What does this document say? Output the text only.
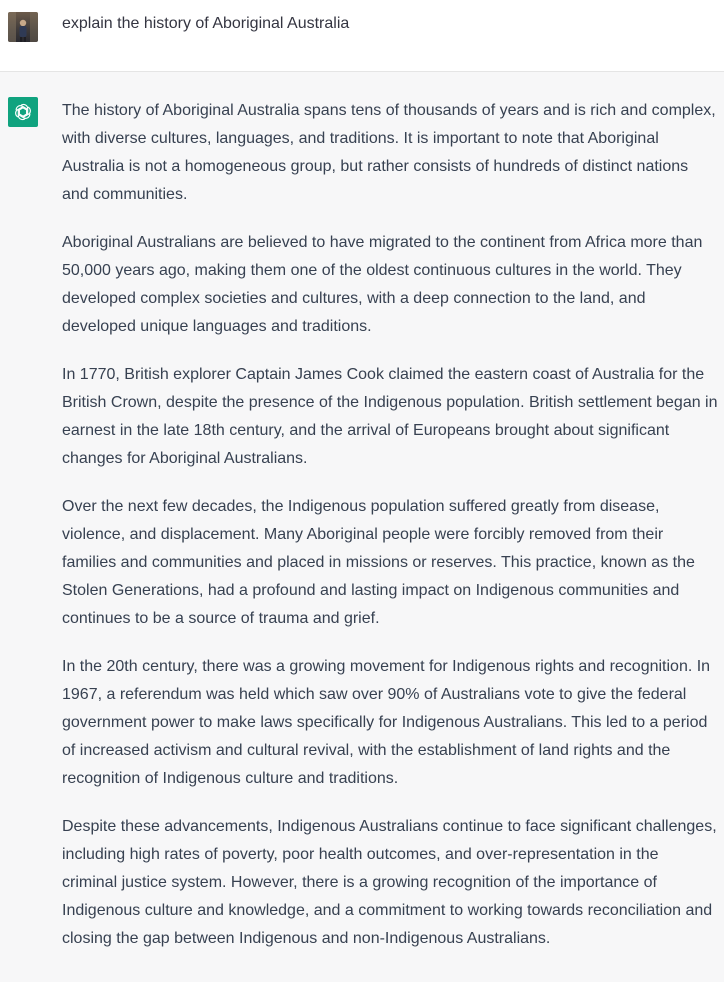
explain the history of Aboriginal Australia

The history of Aboriginal Australia spans tens of thousands of years and is rich and complex, with diverse cultures, languages, and traditions. It is important to note that Aboriginal Australia is not a homogeneous group, but rather consists of hundreds of distinct nations and communities.

Aboriginal Australians are believed to have migrated to the continent from Africa more than 50,000 years ago, making them one of the oldest continuous cultures in the world. They developed complex societies and cultures, with a deep connection to the land, and developed unique languages and traditions.

In 1770, British explorer Captain James Cook claimed the eastern coast of Australia for the British Crown, despite the presence of the Indigenous population. British settlement began in earnest in the late 18th century, and the arrival of Europeans brought about significant changes for Aboriginal Australians.

Over the next few decades, the Indigenous population suffered greatly from disease, violence, and displacement. Many Aboriginal people were forcibly removed from their families and communities and placed in missions or reserves. This practice, known as the Stolen Generations, had a profound and lasting impact on Indigenous communities and continues to be a source of trauma and grief.

In the 20th century, there was a growing movement for Indigenous rights and recognition. In 1967, a referendum was held which saw over 90% of Australians vote to give the federal government power to make laws specifically for Indigenous Australians. This led to a period of increased activism and cultural revival, with the establishment of land rights and the recognition of Indigenous culture and traditions.

Despite these advancements, Indigenous Australians continue to face significant challenges, including high rates of poverty, poor health outcomes, and over-representation in the criminal justice system. However, there is a growing recognition of the importance of Indigenous culture and knowledge, and a commitment to working towards reconciliation and closing the gap between Indigenous and non-Indigenous Australians.
